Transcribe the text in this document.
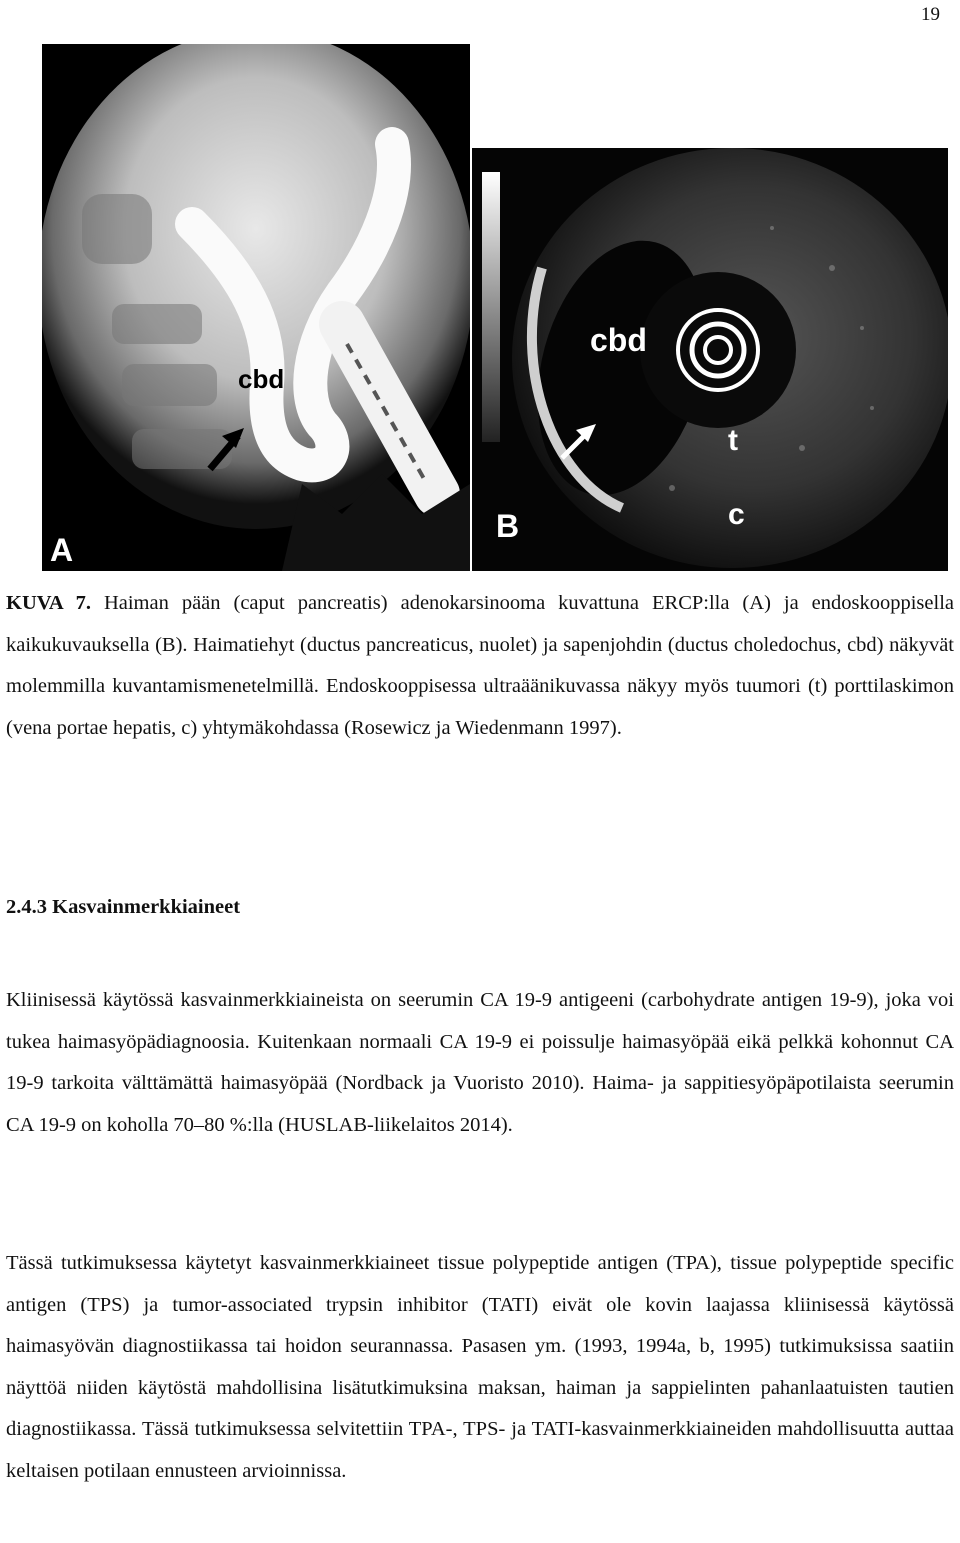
19
cbd
A
cbd
t
c
B

KUVA 7. Haiman pään (caput pancreatis) adenokarsinooma kuvattuna ERCP:lla (A) ja endoskooppisella kaikukuvauksella (B). Haimatiehyt (ductus pancreaticus, nuolet) ja sapenjohdin (ductus choledochus, cbd) näkyvät molemmilla kuvantamismenetelmillä. Endoskooppisessa ultraäänikuvassa näkyy myös tuumori (t) porttilaskimon (vena portae hepatis, c) yhtymäkohdassa (Rosewicz ja Wiedenmann 1997).

2.4.3 Kasvainmerkkiaineet

Kliinisessä käytössä kasvainmerkkiaineista on seerumin CA 19-9 antigeeni (carbohydrate antigen 19-9), joka voi tukea haimasyöpädiagnoosia. Kuitenkaan normaali CA 19-9 ei poissulje haimasyöpää eikä pelkkä kohonnut CA 19-9 tarkoita välttämättä haimasyöpää (Nordback ja Vuoristo 2010). Haima- ja sappitiesyöpäpotilaista seerumin CA 19-9 on koholla 70–80 %:lla (HUSLAB-liikelaitos 2014).

Tässä tutkimuksessa käytetyt kasvainmerkkiaineet tissue polypeptide antigen (TPA), tissue polypeptide specific antigen (TPS) ja tumor-associated trypsin inhibitor (TATI) eivät ole kovin laajassa kliinisessä käytössä haimasyövän diagnostiikassa tai hoidon seurannassa. Pasasen ym. (1993, 1994a, b, 1995) tutkimuksissa saatiin näyttöä niiden käytöstä mahdollisina lisätutkimuksina maksan, haiman ja sappielinten pahanlaatuisten tautien diagnostiikassa. Tässä tutkimuksessa selvitettiin TPA-, TPS- ja TATI-kasvainmerkkiaineiden mahdollisuutta auttaa keltaisen potilaan ennusteen arvioinnissa.
